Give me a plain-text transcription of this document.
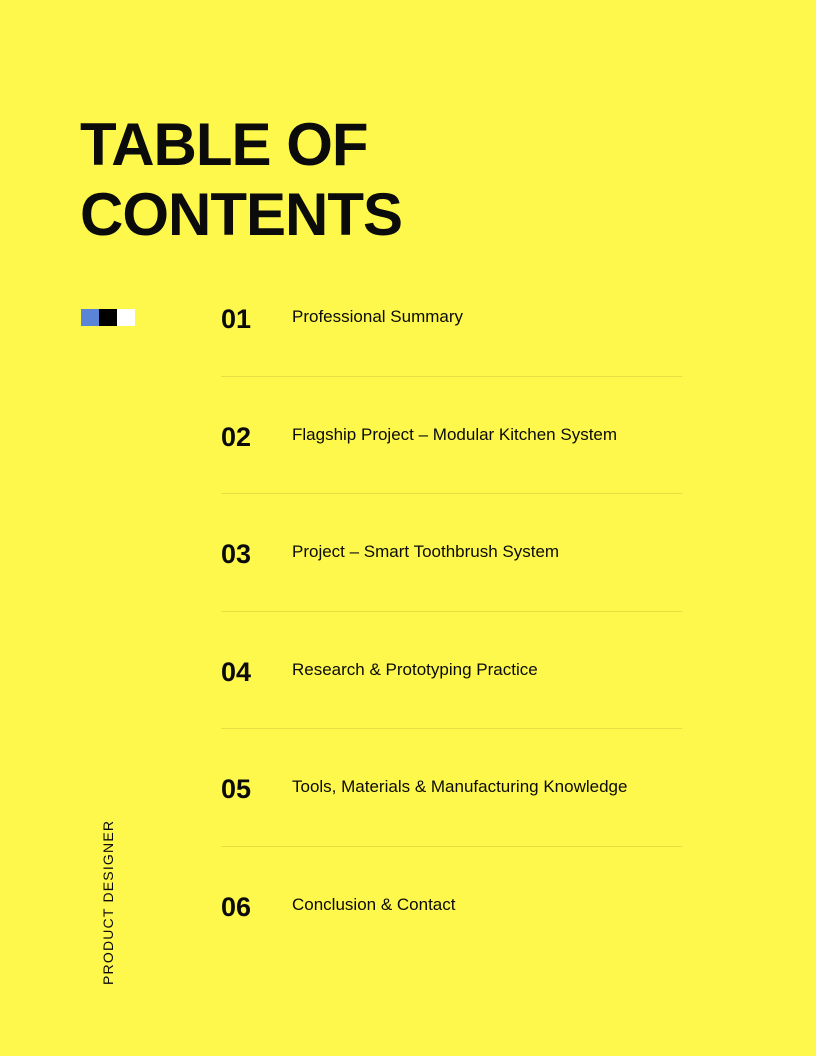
TABLE OF
CONTENTS
01 Professional Summary
02 Flagship Project – Modular Kitchen System
03 Project – Smart Toothbrush System
04 Research & Prototyping Practice
05 Tools, Materials & Manufacturing Knowledge
06 Conclusion & Contact
PRODUCT DESIGNER
